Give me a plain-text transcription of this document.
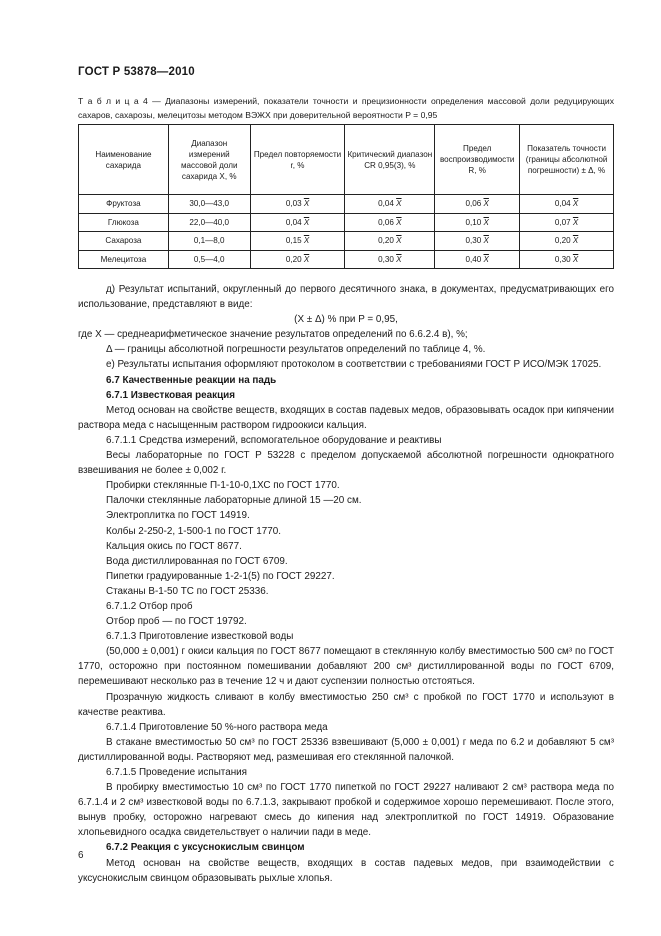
ГОСТ Р 53878—2010
Т а б л и ц а 4 — Диапазоны измерений, показатели точности и прецизионности определения массовой доли редуцирующих сахаров, сахарозы, мелецитозы методом ВЭЖХ при доверительной вероятности P = 0,95
Наименование сахарида	Диапазон измерений массовой доли сахарида X, %	Предел повторяемости r, %	Критический диапазон CR 0,95(3), %	Предел воспроизводимости R, %	Показатель точности (границы абсолютной погрешности) ± Δ, %
Фруктоза	30,0—43,0	0,03 $\overline{X}$	0,04 $\overline{X}$	0,06 $\overline{X}$	0,04 $\overline{X}$
Глюкоза	22,0—40,0	0,04 $\overline{X}$	0,06 $\overline{X}$	0,10 $\overline{X}$	0,07 $\overline{X}$
Сахароза	0,1—8,0	0,15 $\overline{X}$	0,20 $\overline{X}$	0,30 $\overline{X}$	0,20 $\overline{X}$
Мелецитоза	0,5—4,0	0,20 $\overline{X}$	0,30 $\overline{X}$	0,40 $\overline{X}$	0,30 $\overline{X}$

д) Результат испытаний, округленный до первого десятичного знака, в документах, предусматривающих его использование, представляют в виде:

(X ± Δ) % при P = 0,95,

где X — среднеарифметическое значение результатов определений по 6.6.2.4 в), %;

Δ — границы абсолютной погрешности результатов определений по таблице 4, %.

е) Результаты испытания оформляют протоколом в соответствии с требованиями ГОСТ Р ИСО/МЭК 17025.

6.7 Качественные реакции на падь

6.7.1 Известковая реакция

Метод основан на свойстве веществ, входящих в состав падевых медов, образовывать осадок при кипячении раствора меда с насыщенным раствором гидроокиси кальция.

6.7.1.1 Средства измерений, вспомогательное оборудование и реактивы

Весы лабораторные по ГОСТ Р 53228 с пределом допускаемой абсолютной погрешности однократного взвешивания не более ± 0,002 г.

Пробирки стеклянные П-1-10-0,1ХС по ГОСТ 1770.

Палочки стеклянные лабораторные длиной 15 —20 см.

Электроплитка по ГОСТ 14919.

Колбы 2-250-2, 1-500-1 по ГОСТ 1770.

Кальция окись по ГОСТ 8677.

Вода дистиллированная по ГОСТ 6709.

Пипетки градуированные 1-2-1(5) по ГОСТ 29227.

Стаканы В-1-50 ТС по ГОСТ 25336.

6.7.1.2 Отбор проб

Отбор проб — по ГОСТ 19792.

6.7.1.3 Приготовление известковой воды

(50,000 ± 0,001) г окиси кальция по ГОСТ 8677 помещают в стеклянную колбу вместимостью 500 см³ по ГОСТ 1770, осторожно при постоянном помешивании добавляют 200 см³ дистиллированной воды по ГОСТ 6709, перемешивают несколько раз в течение 12 ч и дают суспензии полностью отстояться.

Прозрачную жидкость сливают в колбу вместимостью 250 см³ с пробкой по ГОСТ 1770 и используют в качестве реактива.

6.7.1.4 Приготовление 50 %-ного раствора меда

В стакане вместимостью 50 см³ по ГОСТ 25336 взвешивают (5,000 ± 0,001) г меда по 6.2 и добавляют 5 см³ дистиллированной воды. Растворяют мед, размешивая его стеклянной палочкой.

6.7.1.5 Проведение испытания

В пробирку вместимостью 10 см³ по ГОСТ 1770 пипеткой по ГОСТ 29227 наливают 2 см³ раствора меда по 6.7.1.4 и 2 см³ известковой воды по 6.7.1.3, закрывают пробкой и содержимое хорошо перемешивают. После этого, вынув пробку, осторожно нагревают смесь до кипения над электроплиткой по ГОСТ 14919. Образование хлопьевидного осадка свидетельствует о наличии пади в меде.

6.7.2 Реакция с уксуснокислым свинцом

Метод основан на свойстве веществ, входящих в состав падевых медов, при взаимодействии с уксуснокислым свинцом образовывать рыхлые хлопья.

6
